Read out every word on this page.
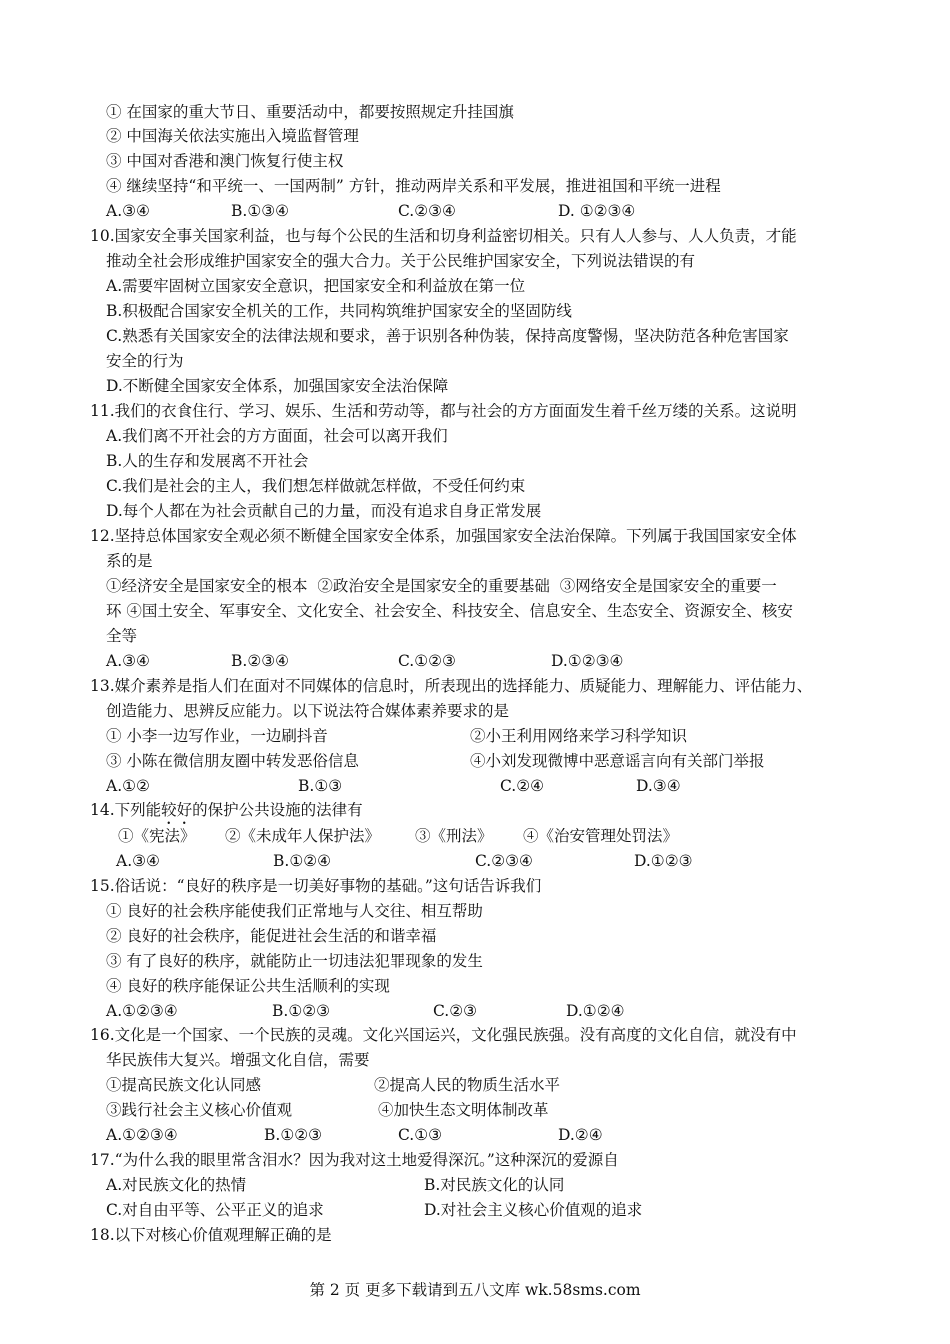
① 在国家的重大节日、重要活动中，都要按照规定升挂国旗
② 中国海关依法实施出入境监督管理
③ 中国对香港和澳门恢复行使主权
④ 继续坚持“和平统一、一国两制” 方针，推动两岸关系和平发展，推进祖国和平统一进程
A.③④	B.①③④	C.②③④	D. ①②③④
10.国家安全事关国家利益，也与每个公民的生活和切身利益密切相关。只有人人参与、人人负责，才能
推动全社会形成维护国家安全的强大合力。关于公民维护国家安全，下列说法错误的有
A.需要牢固树立国家安全意识，把国家安全和利益放在第一位
B.积极配合国家安全机关的工作，共同构筑维护国家安全的坚固防线
C.熟悉有关国家安全的法律法规和要求，善于识别各种伪装，保持高度警惕，坚决防范各种危害国家
安全的行为
D.不断健全国家安全体系，加强国家安全法治保障
11.我们的衣食住行、学习、娱乐、生活和劳动等，都与社会的方方面面发生着千丝万缕的关系。这说明
A.我们离不开社会的方方面面，社会可以离开我们
B.人的生存和发展离不开社会
C.我们是社会的主人，我们想怎样做就怎样做，不受任何约束
D.每个人都在为社会贡献自己的力量，而没有追求自身正常发展
12.坚持总体国家安全观必须不断健全国家安全体系，加强国家安全法治保障。下列属于我国国家安全体
系的是
①经济安全是国家安全的根本  ②政治安全是国家安全的重要基础  ③网络安全是国家安全的重要一
环 ④国土安全、军事安全、文化安全、社会安全、科技安全、信息安全、生态安全、资源安全、核安
全等
A.③④	B.②③④	C.①②③	D.①②③④
13.媒介素养是指人们在面对不同媒体的信息时，所表现出的选择能力、质疑能力、理解能力、评估能力、
创造能力、思辨反应能力。以下说法符合媒体素养要求的是
① 小李一边写作业，一边刷抖音	②小王利用网络来学习科学知识
③ 小陈在微信朋友圈中转发恶俗信息	④小刘发现微博中恶意谣言向有关部门举报
A.①②	B.①③	C.②④	D.③④
14.下列能较好的保护公共设施的法律有
①《宪法》 ②《未成年人保护法》 ③《刑法》 ④《治安管理处罚法》
A.③④	B.①②④	C.②③④	D.①②③
15.俗话说：“良好的秩序是一切美好事物的基础。”这句话告诉我们
① 良好的社会秩序能使我们正常地与人交往、相互帮助
② 良好的社会秩序，能促进社会生活的和谐幸福
③ 有了良好的秩序，就能防止一切违法犯罪现象的发生
④ 良好的秩序能保证公共生活顺利的实现
A.①②③④	B.①②③	C.②③	D.①②④
16.文化是一个国家、一个民族的灵魂。文化兴国运兴，文化强民族强。没有高度的文化自信，就没有中
华民族伟大复兴。增强文化自信，需要
①提高民族文化认同感	②提高人民的物质生活水平
③践行社会主义核心价值观	④加快生态文明体制改革
A.①②③④	B.①②③	C.①③	D.②④
17.“为什么我的眼里常含泪水？因为我对这土地爱得深沉。”这种深沉的爱源自
A.对民族文化的热情	B.对民族文化的认同
C.对自由平等、公平正义的追求	D.对社会主义核心价值观的追求
18.以下对核心价值观理解正确的是
第 2 页 更多下载请到五八文库 wk.58sms.com
